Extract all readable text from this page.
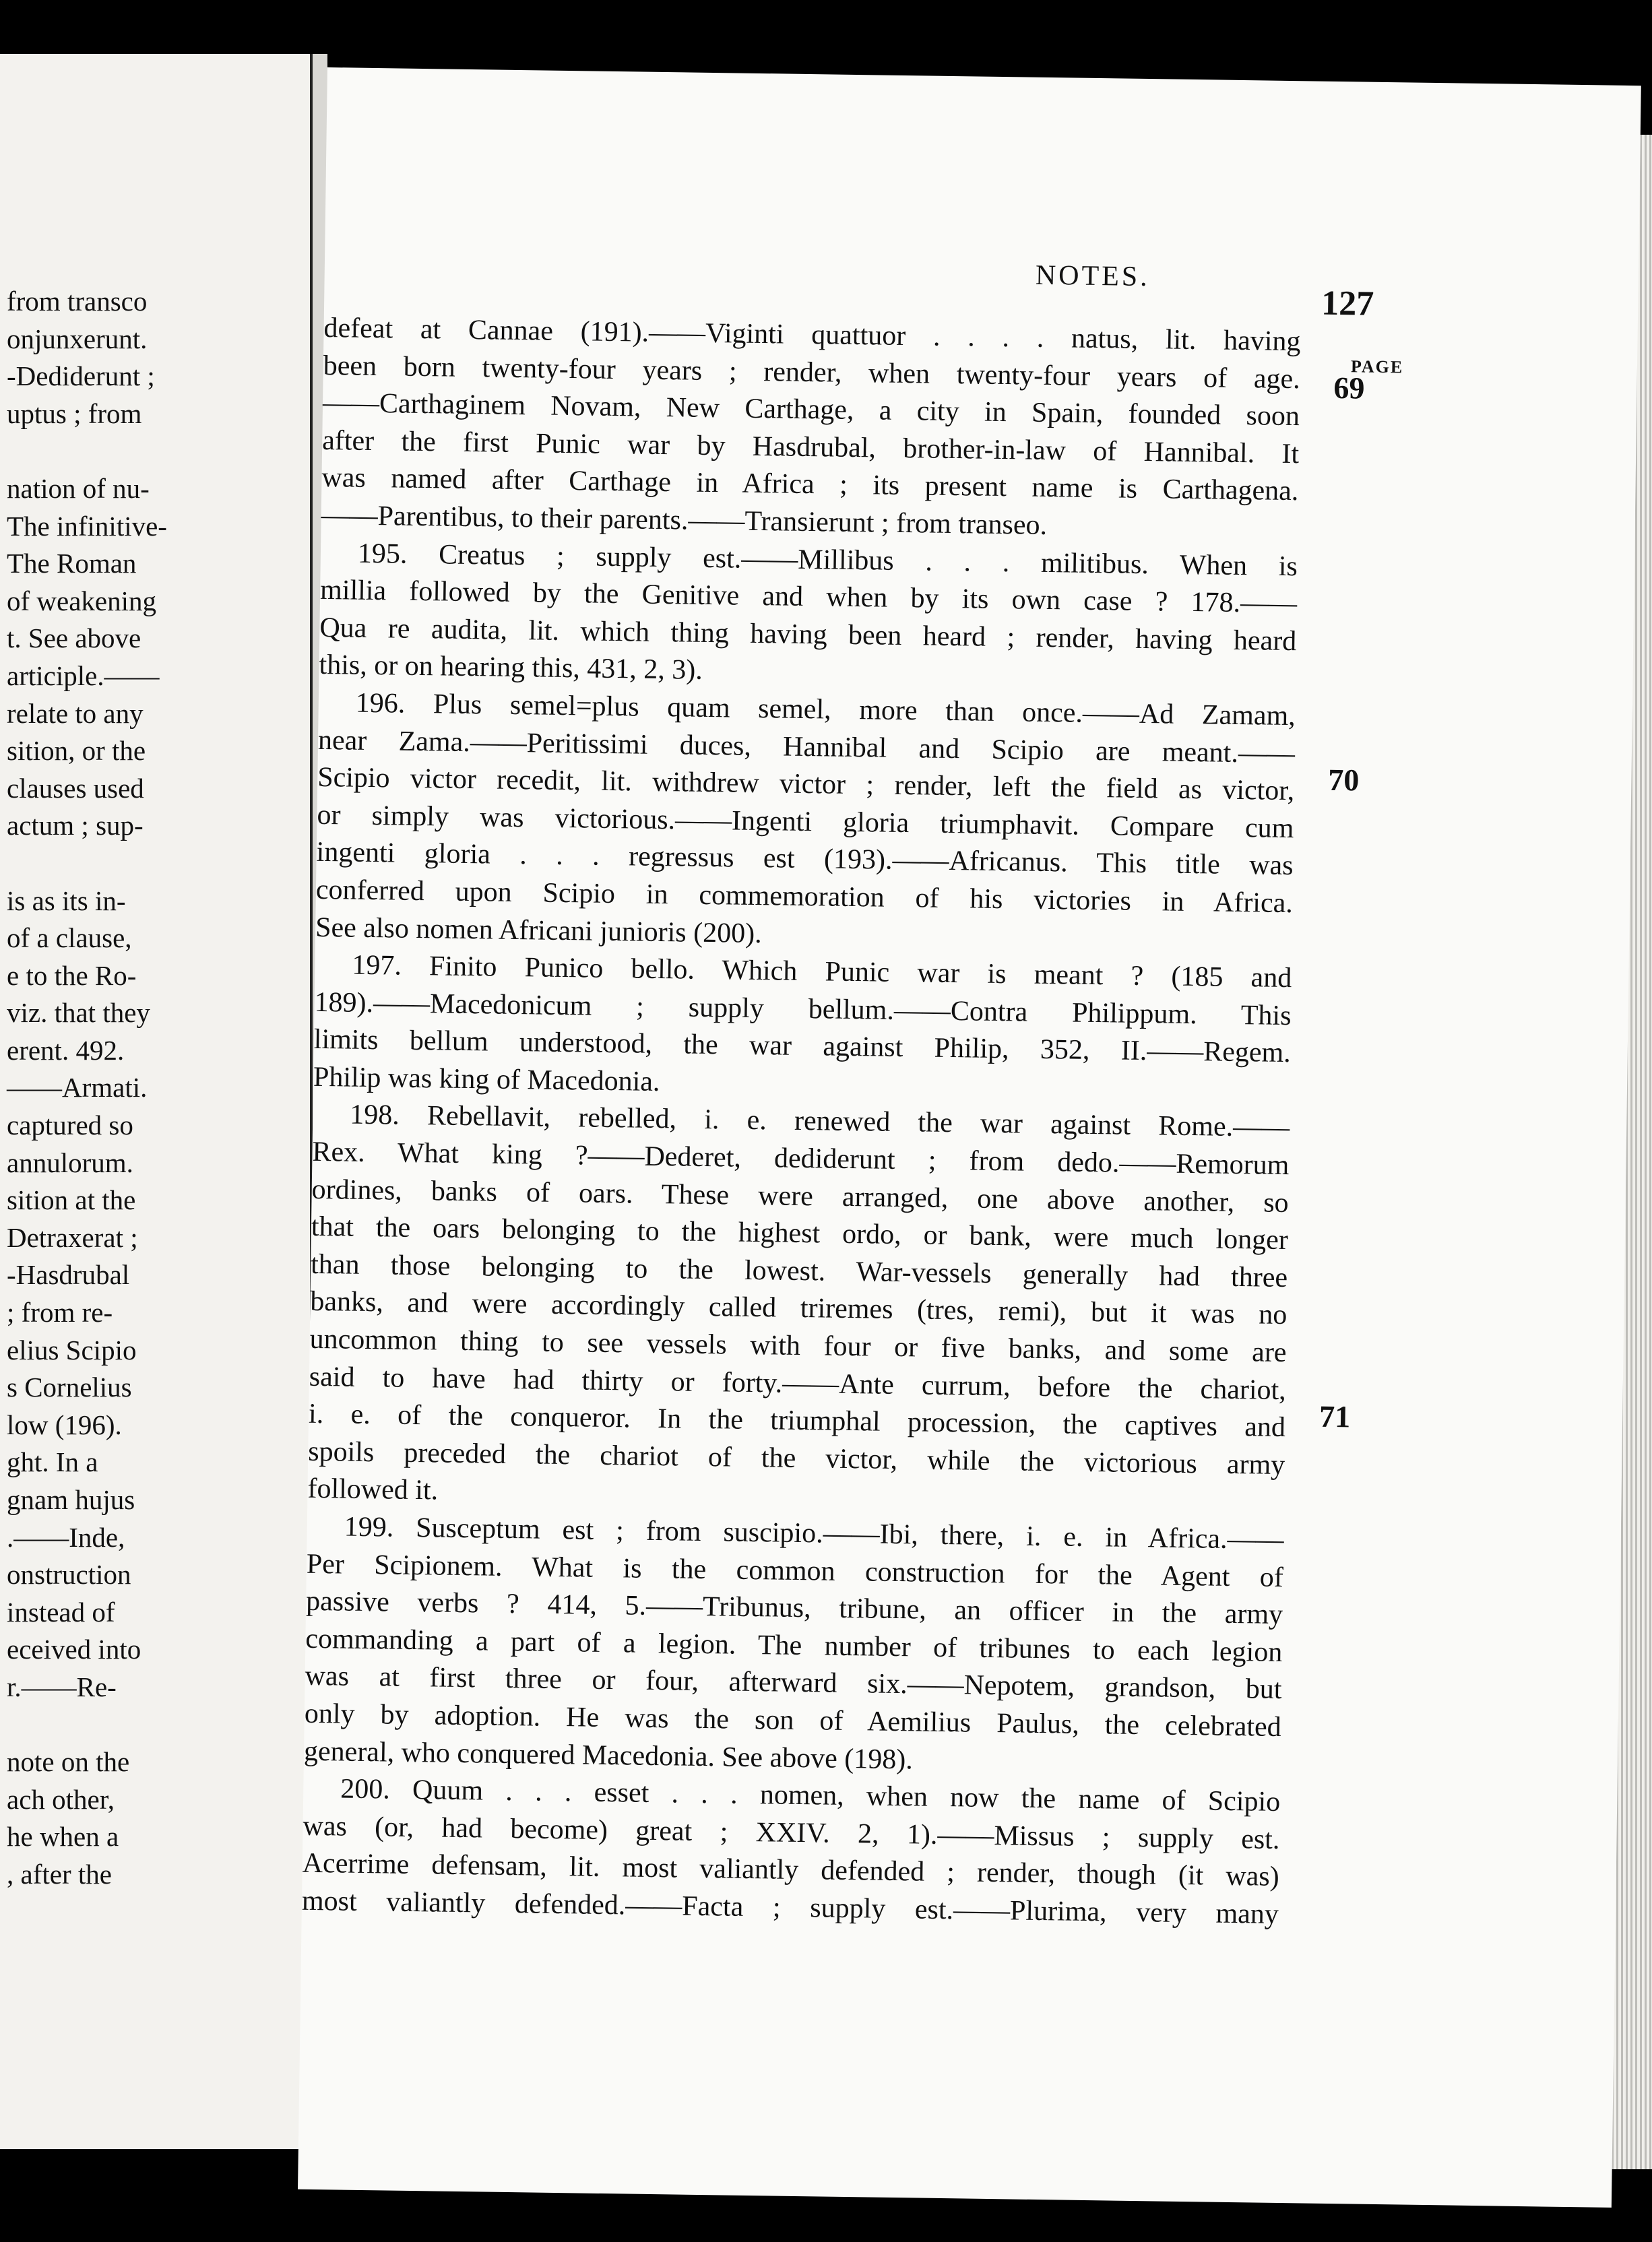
from transco
onjunxerunt.
-Dediderunt ;
uptus ; from
nation of nu-
The infinitive-
The Roman
of weakening
t. See above
articiple.——
relate to any
sition, or the
clauses used
actum ; sup-
is as its in-
of a clause,
e to the Ro-
viz. that they
erent. 492.
——Armati.
captured so
annulorum.
sition at the
Detraxerat ;
-Hasdrubal
; from re-
elius Scipio
s Cornelius
low (196).
ght. In a
gnam hujus
.——Inde,
onstruction
instead of
eceived into
r.——Re-
note on the
ach other,
he when a
, after the
NOTES.
127
PAGE
69
70
71
defeat at Cannae (191).——Viginti quattuor . . . . natus, lit. having
been born twenty-four years ; render, when twenty-four years of age.
——Carthaginem Novam, New Carthage, a city in Spain, founded soon
after the first Punic war by Hasdrubal, brother-in-law of Hannibal. It
was named after Carthage in Africa ; its present name is Carthagena.
——Parentibus, to their parents.——Transierunt ; from transeo.
195. Creatus ; supply est.——Millibus . . . militibus. When is
millia followed by the Genitive and when by its own case ? 178.——
Qua re audita, lit. which thing having been heard ; render, having heard
this, or on hearing this, 431, 2, 3).
196. Plus semel=plus quam semel, more than once.——Ad Zamam,
near Zama.——Peritissimi duces, Hannibal and Scipio are meant.——
Scipio victor recedit, lit. withdrew victor ; render, left the field as victor,
or simply was victorious.——Ingenti gloria triumphavit. Compare cum
ingenti gloria . . . regressus est (193).——Africanus. This title was
conferred upon Scipio in commemoration of his victories in Africa.
See also nomen Africani junioris (200).
197. Finito Punico bello. Which Punic war is meant ? (185 and
189).——Macedonicum ; supply bellum.——Contra Philippum. This
limits bellum understood, the war against Philip, 352, II.——Regem.
Philip was king of Macedonia.
198. Rebellavit, rebelled, i. e. renewed the war against Rome.——
Rex. What king ?——Dederet, dediderunt ; from dedo.——Remorum
ordines, banks of oars. These were arranged, one above another, so
that the oars belonging to the highest ordo, or bank, were much longer
than those belonging to the lowest. War-vessels generally had three
banks, and were accordingly called triremes (tres, remi), but it was no
uncommon thing to see vessels with four or five banks, and some are
said to have had thirty or forty.——Ante currum, before the chariot,
i. e. of the conqueror. In the triumphal procession, the captives and
spoils preceded the chariot of the victor, while the victorious army
followed it.
199. Susceptum est ; from suscipio.——Ibi, there, i. e. in Africa.——
Per Scipionem. What is the common construction for the Agent of
passive verbs ? 414, 5.——Tribunus, tribune, an officer in the army
commanding a part of a legion. The number of tribunes to each legion
was at first three or four, afterward six.——Nepotem, grandson, but
only by adoption. He was the son of Aemilius Paulus, the celebrated
general, who conquered Macedonia. See above (198).
200. Quum . . . esset . . . nomen, when now the name of Scipio
was (or, had become) great ; XXIV. 2, 1).——Missus ; supply est.
Acerrime defensam, lit. most valiantly defended ; render, though (it was)
most valiantly defended.——Facta ; supply est.——Plurima, very many
